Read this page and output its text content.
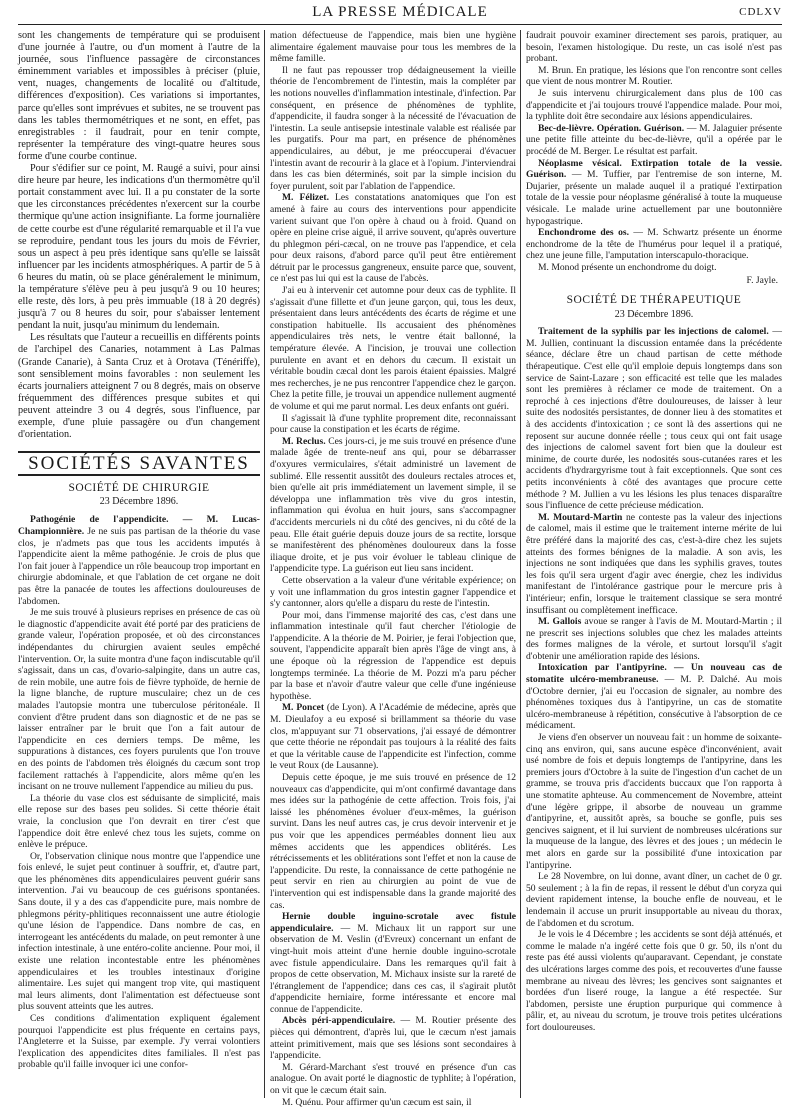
LA PRESSE MÉDICALE	CDLXV

sont les changements de température qui se produisent d'une journée à l'autre, ou d'un moment à l'autre de la journée, sous l'influence passagère de circonstances éminemment variables et impossibles à préciser (pluie, vent, nuages, changements de localité ou d'altitude, différences d'exposition). Ces variations si importantes, parce qu'elles sont imprévues et subites, ne se trouvent pas dans les tables thermométriques et ne sont, en effet, pas enregistrables : il faudrait, pour en tenir compte, représenter la température des vingt-quatre heures sous forme d'une courbe continue.

Pour s'édifier sur ce point, M. Raugé a suivi, pour ainsi dire heure par heure, les indications d'un thermomètre qu'il portait constamment avec lui. Il a pu constater de la sorte que les circonstances précédentes n'exercent sur la courbe thermique qu'une action insignifiante. La forme journalière de cette courbe est d'une régularité remarquable et il l'a vue se reproduire, pendant tous les jours du mois de Février, sous un aspect à peu près identique sans qu'elle se laissât influencer par les incidents atmosphériques. A partir de 5 à 6 heures du matin, où se place généralement le minimum, la température s'élève peu à peu jusqu'à 9 ou 10 heures; elle reste, dès lors, à peu près immuable (18 à 20 degrés) jusqu'à 7 ou 8 heures du soir, pour s'abaisser lentement pendant la nuit, jusqu'au minimum du lendemain.

Les résultats que l'auteur a recueillis en différents points de l'archipel des Canaries, notamment à Las Palmas (Grande Canarie), à Santa Cruz et à Orotava (Ténériffe), sont sensiblement moins favorables : non seulement les écarts journaliers atteignent 7 ou 8 degrés, mais on observe fréquemment des différences presque subites et qui peuvent atteindre 3 ou 4 degrés, sous l'influence, par exemple, d'une pluie passagère ou d'un changement d'orientation.

SOCIÉTÉS SAVANTES
SOCIÉTÉ DE CHIRURGIE
23 Décembre 1896.

Pathogénie de l'appendicite. — M. Lucas-Championnière. Je ne suis pas partisan de la théorie du vase clos, je n'admets pas que tous les accidents imputés à l'appendicite aient la même pathogénie. Je crois de plus que l'on fait jouer à l'appendice un rôle beaucoup trop important en chirurgie abdominale, et que l'ablation de cet organe ne doit pas être la panacée de toutes les affections douloureuses de l'abdomen.

Je me suis trouvé à plusieurs reprises en présence de cas où le diagnostic d'appendicite avait été porté par des praticiens de grande valeur, l'opération proposée, et où des circonstances indépendantes du chirurgien avaient seules empêché l'intervention. Or, la suite montra d'une façon indiscutable qu'il s'agissait, dans un cas, d'ovario-salpingite, dans un autre cas, de rein mobile, une autre fois de fièvre typhoïde, de hernie de la ligne blanche, de rupture musculaire; chez un de ces malades l'autopsie montra une tuberculose péritonéale. Il convient d'être prudent dans son diagnostic et de ne pas se laisser entraîner par le bruit que l'on a fait autour de l'appendicite en ces derniers temps. De même, les suppurations à distances, ces foyers purulents que l'on trouve en des points de l'abdomen très éloignés du cæcum sont trop facilement rattachés à l'appendicite, alors même qu'en les incisant on ne trouve nullement l'appendice au milieu du pus.

La théorie du vase clos est séduisante de simplicité, mais elle repose sur des bases peu solides. Si cette théorie était vraie, la conclusion que l'on devrait en tirer c'est que l'appendice doit être enlevé chez tous les sujets, comme on enlève le prépuce.

Or, l'observation clinique nous montre que l'appendice une fois enlevé, le sujet peut continuer à souffrir, et, d'autre part, que les phénomènes dits appendiculaires peuvent guérir sans intervention. J'ai vu beaucoup de ces guérisons spontanées. Sans doute, il y a des cas d'appendicite pure, mais nombre de phlegmons périty-phlitiques reconnaissent une autre étiologie qu'une lésion de l'appendice. Dans nombre de cas, en interrogeant les antécédents du malade, on peut remonter à une infection intestinale, à une entéro-colite ancienne. Pour moi, il existe une relation incontestable entre les phénomènes appendiculaires et les troubles intestinaux d'origine alimentaire. Les sujet qui mangent trop vite, qui mastiquent mal leurs aliments, dont l'alimentation est défectueuse sont plus souvent atteints que les autres.

Ces conditions d'alimentation expliquent également pourquoi l'appendicite est plus fréquente en certains pays, l'Angleterre et la Suisse, par exemple. J'y verrai volontiers l'explication des appendicites dites familiales. Il n'est pas probable qu'il faille invoquer ici une confor-

mation défectueuse de l'appendice, mais bien une hygiène alimentaire également mauvaise pour tous les membres de la même famille.

Il ne faut pas repousser trop dédaigneusement la vieille théorie de l'encombrement de l'intestin, mais la compléter par les notions nouvelles d'inflammation intestinale, d'infection. Par conséquent, en présence de phénomènes de typhlite, d'appendicite, il faudra songer à la nécessité de l'évacuation de l'intestin. La seule antisepsie intestinale valable est réalisée par les purgatifs. Pour ma part, en présence de phénomènes appendiculaires, au début, je me préoccuperai d'évacuer l'intestin avant de recourir à la glace et à l'opium. J'interviendrai dans les cas bien déterminés, soit par la simple incision du foyer purulent, soit par l'ablation de l'appendice.

M. Félizet. Les constatations anatomiques que l'on est amené à faire au cours des interventions pour appendicite varient suivant que l'on opère à chaud ou à froid. Quand on opère en pleine crise aiguë, il arrive souvent, qu'après ouverture du phlegmon péri-cæcal, on ne trouve pas l'appendice, et cela pour deux raisons, d'abord parce qu'il peut être entièrement détruit par le processus gangreneux, ensuite parce que, souvent, ce n'est pas lui qui est la cause de l'abcès.

J'ai eu à intervenir cet automne pour deux cas de typhlite. Il s'agissait d'une fillette et d'un jeune garçon, qui, tous les deux, présentaient dans leurs antécédents des écarts de régime et une constipation habituelle. Ils accusaient des phénomènes appendiculaires très nets, le ventre était ballonné, la température élevée. A l'incision, je trouvai une collection purulente en avant et en dehors du cæcum. Il existait un véritable boudin cæcal dont les parois étaient épaissies. Malgré mes recherches, je ne pus rencontrer l'appendice chez le garçon. Chez la petite fille, je trouvai un appendice nullement augmenté de volume et qui me parut normal. Les deux enfants ont guéri.

Il s'agissait là d'une typhlite proprement dite, reconnaissant pour cause la constipation et les écarts de régime.

M. Reclus. Ces jours-ci, je me suis trouvé en présence d'une malade âgée de trente-neuf ans qui, pour se débarrasser d'oxyures vermiculaires, s'était administré un lavement de sublimé. Elle ressentit aussitôt des douleurs rectales atroces et, bien qu'elle ait pris immédiatement un lavement simple, il se développa une inflammation très vive du gros intestin, inflammation qui évolua en huit jours, sans s'accompagner d'accidents mercuriels ni du côté des gencives, ni du côté de la peau. Elle était guérie depuis douze jours de sa rectite, lorsque se manifestèrent des phénomènes douloureux dans la fosse iliaque droite, et je pus voir évoluer le tableau clinique de l'appendicite type. La guérison eut lieu sans incident.

Cette observation a la valeur d'une véritable expérience; on y voit une inflammation du gros intestin gagner l'appendice et s'y cantonner, alors qu'elle a disparu du reste de l'intestin.

Pour moi, dans l'immense majorité des cas, c'est dans une inflammation intestinale qu'il faut chercher l'étiologie de l'appendicite. A la théorie de M. Poirier, je ferai l'objection que, souvent, l'appendicite apparaît bien après l'âge de vingt ans, à une époque où la régression de l'appendice est depuis longtemps terminée. La théorie de M. Pozzi m'a paru pécher par la base et n'avoir d'autre valeur que celle d'une ingénieuse hypothèse.

M. Poncet (de Lyon). A l'Académie de médecine, après que M. Dieulafoy a eu exposé si brillamment sa théorie du vase clos, m'appuyant sur 71 observations, j'ai essayé de démontrer que cette théorie ne répondait pas toujours à la réalité des faits et que la véritable cause de l'appendicite est l'infection, comme le veut Roux (de Lausanne).

Depuis cette époque, je me suis trouvé en présence de 12 nouveaux cas d'appendicite, qui m'ont confirmé davantage dans mes idées sur la pathogénie de cette affection. Trois fois, j'ai laissé les phénomènes évoluer d'eux-mêmes, la guérison survint. Dans les neuf autres cas, je crus devoir intervenir et je pus voir que les appendices perméables donnent lieu aux mêmes accidents que les appendices oblitérés. Les rétrécissements et les oblitérations sont l'effet et non la cause de l'appendicite. Du reste, la connaissance de cette pathogénie ne peut servir en rien au chirurgien au point de vue de l'intervention qui est indispensable dans la grande majorité des cas.

Hernie double inguino-scrotale avec fistule appendiculaire. — M. Michaux lit un rapport sur une observation de M. Veslin (d'Evreux) concernant un enfant de vingt-huit mois atteint d'une hernie double inguino-scrotale avec fistule appendiculaire. Dans les remarques qu'il fait à propos de cette observation, M. Michaux insiste sur la rareté de l'étranglement de l'appendice; dans ces cas, il s'agirait plutôt d'appendicite herniaire, forme intéressante et encore mal connue de l'appendicite.

Abcès péri-appendiculaire. — M. Routier présente des pièces qui démontrent, d'après lui, que le cæcum n'est jamais atteint primitivement, mais que ses lésions sont secondaires à l'appendicite.

M. Gérard-Marchant s'est trouvé en présence d'un cas analogue. On avait porté le diagnostic de typhlite; à l'opération, on vit que le cæcum était sain.

M. Quénu. Pour affirmer qu'un cæcum est sain, il

faudrait pouvoir examiner directement ses parois, pratiquer, au besoin, l'examen histologique. Du reste, un cas isolé n'est pas probant.

M. Brun. En pratique, les lésions que l'on rencontre sont celles que vient de nous montrer M. Routier.

Je suis intervenu chirurgicalement dans plus de 100 cas d'appendicite et j'ai toujours trouvé l'appendice malade. Pour moi, la typhlite doit être secondaire aux lésions appendiculaires.

Bec-de-lièvre. Opération. Guérison. — M. Jalaguier présente une petite fille atteinte du bec-de-lièvre, qu'il a opérée par le procédé de M. Berger. Le résultat est parfait.

Néoplasme vésical. Extirpation totale de la vessie. Guérison. — M. Tuffier, par l'entremise de son interne, M. Dujarier, présente un malade auquel il a pratiqué l'extirpation totale de la vessie pour néoplasme généralisé à toute la muqueuse vésicale. Le malade urine actuellement par une boutonnière hypogastrique.

Enchondrome des os. — M. Schwartz présente un énorme enchondrome de la tête de l'humérus pour lequel il a pratiqué, chez une jeune fille, l'amputation interscapulo-thoracique.

M. Monod présente un enchondrome du doigt.

F. Jayle.
SOCIÉTÉ DE THÉRAPEUTIQUE
23 Décembre 1896.

Traitement de la syphilis par les injections de calomel. — M. Jullien, continuant la discussion entamée dans la précédente séance, déclare être un chaud partisan de cette méthode thérapeutique. C'est elle qu'il emploie depuis longtemps dans son service de Saint-Lazare ; son efficacité est telle que les malades sont les premières à réclamer ce mode de traitement. On a reproché à ces injections d'être douloureuses, de laisser à leur suite des nodosités persistantes, de donner lieu à des stomatites et à des accidents d'intoxication ; ce sont là des assertions qui ne reposent sur aucune donnée réelle ; tous ceux qui ont fait usage des injections de calomel savent fort bien que la douleur est minime, de courte durée, les nodosités sous-cutanées rares et les accidents d'hydrargyrisme tout à fait exceptionnels. Que sont ces petits inconvénients à côté des avantages que procure cette méthode ? M. Jullien a vu les lésions les plus tenaces disparaître sous l'influence de cette précieuse médication.

M. Moutard-Martin ne conteste pas la valeur des injections de calomel, mais il estime que le traitement interne mérite de lui être préféré dans la majorité des cas, c'est-à-dire chez les sujets atteints des formes bénignes de la maladie. A son avis, les injections ne sont indiquées que dans les syphilis graves, toutes les fois qu'il sera urgent d'agir avec énergie, chez les individus manifestant de l'intolérance gastrique pour le mercure pris à l'intérieur; enfin, lorsque le traitement classique se sera montré insuffisant ou complètement inefficace.

M. Gallois avoue se ranger à l'avis de M. Moutard-Martin ; il ne prescrit ses injections solubles que chez les malades atteints des formes malignes de la vérole, et surtout lorsqu'il s'agit d'obtenir une amélioration rapide des lésions.

Intoxication par l'antipyrine. — Un nouveau cas de stomatite ulcéro-membraneuse. — M. P. Dalché. Au mois d'Octobre dernier, j'ai eu l'occasion de signaler, au nombre des phénomènes toxiques dus à l'antipyrine, un cas de stomatite ulcéro-membraneuse à répétition, consécutive à l'absorption de ce médicament.

Je viens d'en observer un nouveau fait : un homme de soixante-cinq ans environ, qui, sans aucune espèce d'inconvénient, avait usé nombre de fois et depuis longtemps de l'antipyrine, dans les premiers jours d'Octobre à la suite de l'ingestion d'un cachet de un gramme, se trouva pris d'accidents buccaux que l'on rapporta à une stomatite aphteuse. Au commencement de Novembre, atteint d'une légère grippe, il absorbe de nouveau un gramme d'antipyrine, et, aussitôt après, sa bouche se gonfle, puis ses gencives saignent, et il lui survient de nombreuses ulcérations sur la muqueuse de la langue, des lèvres et des joues ; un médecin le met alors en garde sur la possibilité d'une intoxication par l'antipyrine.

Le 28 Novembre, on lui donne, avant dîner, un cachet de 0 gr. 50 seulement ; à la fin de repas, il ressent le début d'un coryza qui devient rapidement intense, la bouche enfle de nouveau, et le lendemain il accuse un prurit insupportable au niveau du thorax, de l'abdomen et du scrotum.

Je le vois le 4 Décembre ; les accidents se sont déjà atténués, et comme le malade n'a ingéré cette fois que 0 gr. 50, ils n'ont du reste pas été aussi violents qu'auparavant. Cependant, je constate des ulcérations larges comme des pois, et recouvertes d'une fausse membrane au niveau des lèvres; les gencives sont saignantes et bordées d'un liseré rouge, la langue a été respectée. Sur l'abdomen, persiste une éruption purpurique qui commence à pâlir, et, au niveau du scrotum, je trouve trois petites ulcérations fort douloureuses.
